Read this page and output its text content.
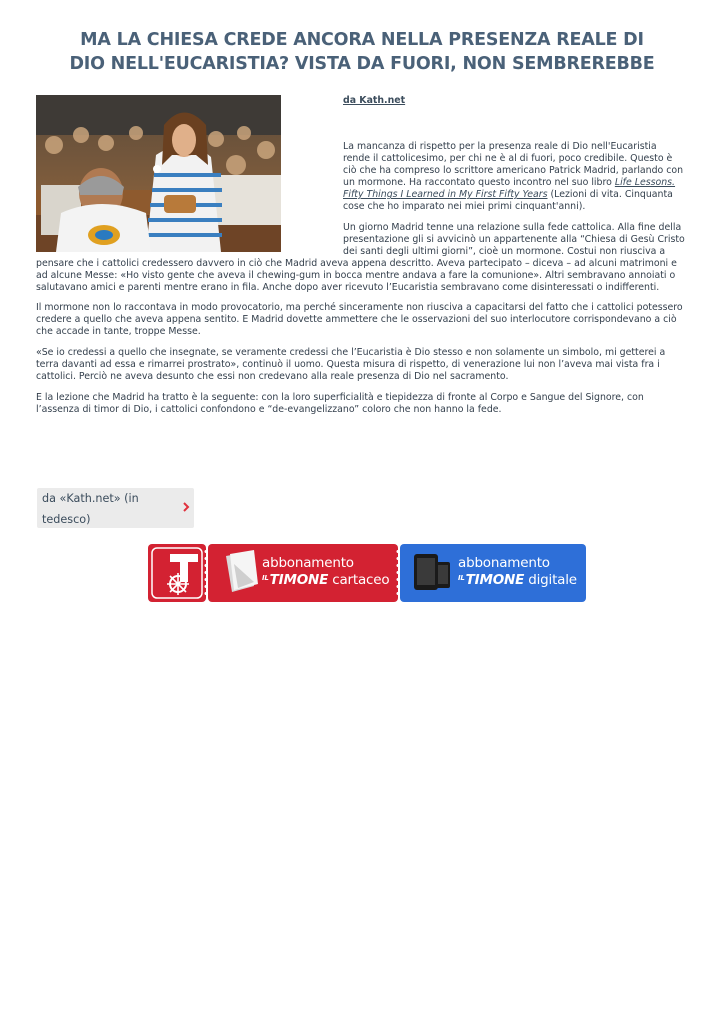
MA LA CHIESA CREDE ANCORA NELLA PRESENZA REALE DI DIO NELL'EUCARISTIA? VISTA DA FUORI, NON SEMBREREBBE
da Kath.net

La mancanza di rispetto per la presenza reale di Dio nell'Eucaristia rende il cattolicesimo, per chi ne è al di fuori, poco credibile. Questo è ciò che ha compreso lo scrittore americano Patrick Madrid, parlando con un mormone. Ha raccontato questo incontro nel suo libro Life Lessons. Fifty Things I Learned in My First Fifty Years (Lezioni di vita. Cinquanta cose che ho imparato nei miei primi cinquant'anni).

Un giorno Madrid tenne una relazione sulla fede cattolica. Alla fine della presentazione gli si avvicinò un appartenente alla “Chiesa di Gesù Cristo dei santi degli ultimi giorni”, cioè un mormone. Costui non riusciva a pensare che i cattolici credessero davvero in ciò che Madrid aveva appena descritto. Aveva partecipato – diceva – ad alcuni matrimoni e ad alcune Messe: «Ho visto gente che aveva il chewing-gum in bocca mentre andava a fare la comunione». Altri sembravano annoiati o salutavano amici e parenti mentre erano in fila. Anche dopo aver ricevuto l’Eucaristia sembravano come disinteressati o indifferenti.

Il mormone non lo raccontava in modo provocatorio, ma perché sinceramente non riusciva a capacitarsi del fatto che i cattolici potessero credere a quello che aveva appena sentito. E Madrid dovette ammettere che le osservazioni del suo interlocutore corrispondevano a ciò che accade in tante, troppe Messe.

«Se io credessi a quello che insegnate, se veramente credessi che l’Eucaristia è Dio stesso e non solamente un simbolo, mi getterei a terra davanti ad essa e rimarrei prostrato», continuò il uomo. Questa misura di rispetto, di venerazione lui non l’aveva mai vista fra i cattolici. Perciò ne aveva desunto che essi non credevano alla reale presenza di Dio nel sacramento.

E la lezione che Madrid ha tratto è la seguente: con la loro superficialità e tiepidezza di fronte al Corpo e Sangue del Signore, con l’assenza di timor di Dio, i cattolici confondono e “de-evangelizzano” coloro che non hanno la fede.

da «Kath.net» (in tedesco)
abbonamento
$^{IL}$TIMONE cartaceo
abbonamento
$^{IL}$TIMONE digitale
